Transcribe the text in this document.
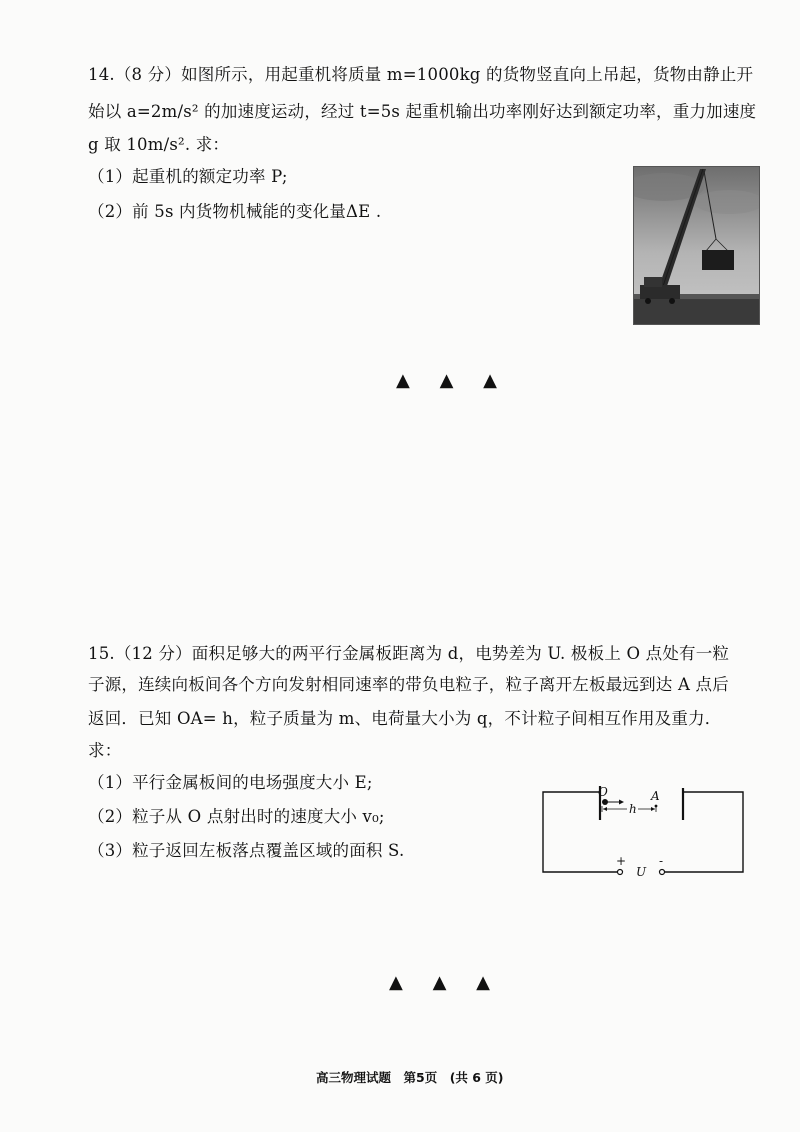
14.（8 分）如图所示，用起重机将质量 m=1000kg 的货物竖直向上吊起，货物由静止开
始以 a=2m/s² 的加速度运动，经过 t=5s 起重机输出功率刚好达到额定功率，重力加速度
g 取 10m/s². 求：
（1）起重机的额定功率 P;
（2）前 5s 内货物机械能的变化量ΔE .
▲ ▲ ▲
15.（12 分）面积足够大的两平行金属板距离为 d，电势差为 U. 极板上 O 点处有一粒
子源，连续向板间各个方向发射相同速率的带负电粒子，粒子离开左板最远到达 A 点后
返回．已知 OA= h，粒子质量为 m、电荷量大小为 q，不计粒子间相互作用及重力．
求：
（1）平行金属板间的电场强度大小 E;
（2）粒子从 O 点射出时的速度大小 v₀;
（3）粒子返回左板落点覆盖区域的面积 S.
O	A
h
U
+	-
▲ ▲ ▲
高三物理试题　第5页　(共 6 页)
